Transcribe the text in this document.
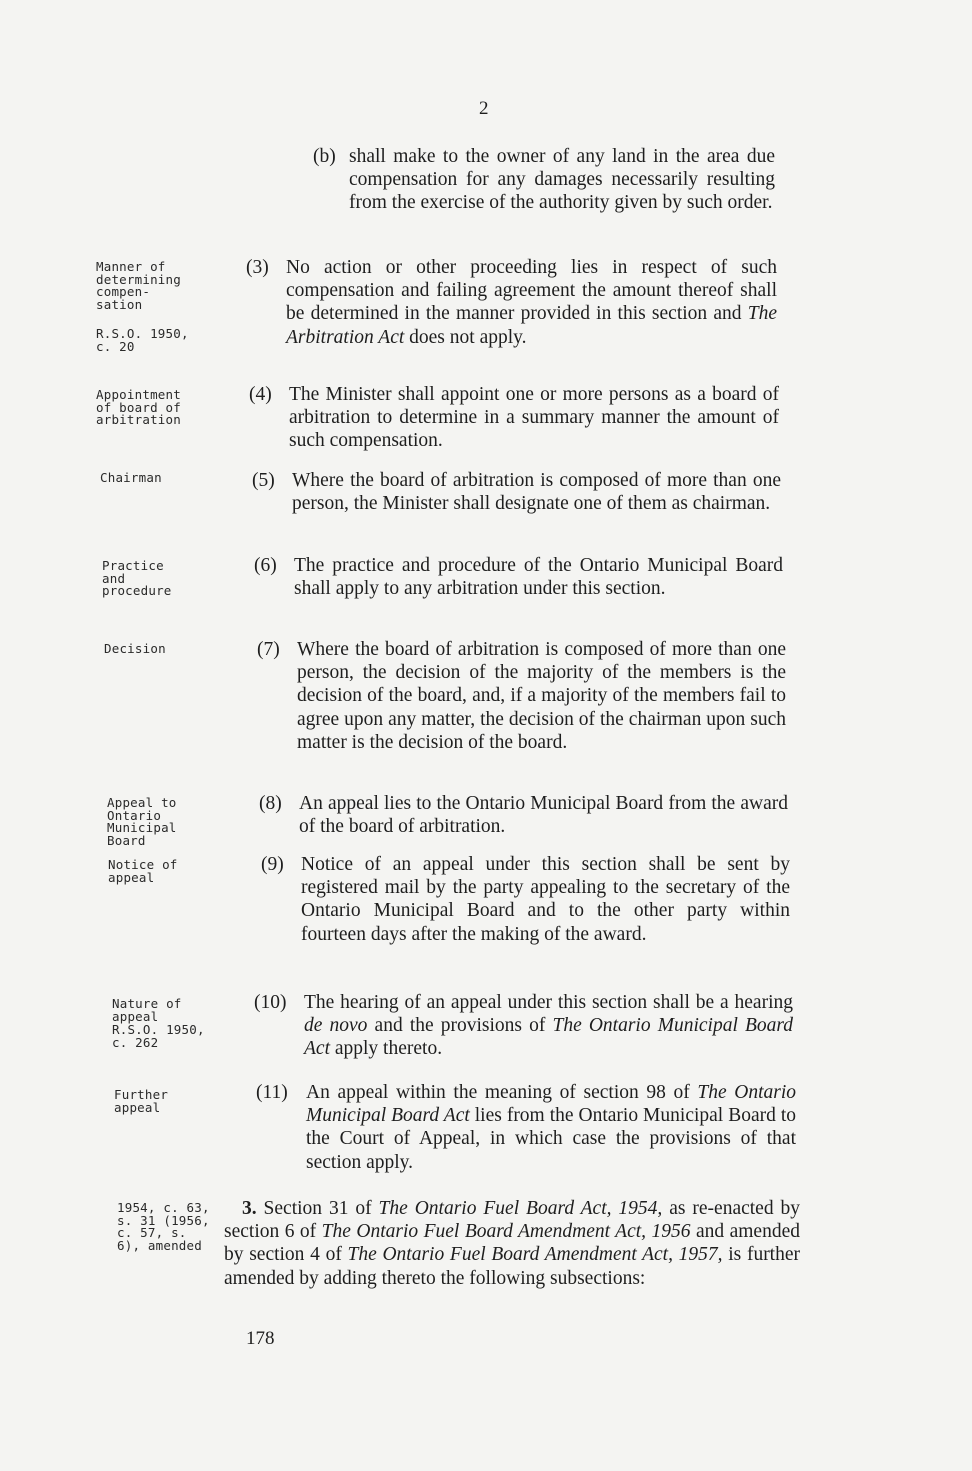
2
(b) shall make to the owner of any land in the area due compensation for any damages necessarily resulting from the exercise of the authority given by such order.
Manner of determining compen- sation
R.S.O. 1950, c. 20
Appointment of board of arbitration
Chairman
Practice and procedure
Decision
Appeal to Ontario Municipal Board
Notice of appeal
Nature of appeal
R.S.O. 1950, c. 262
Further appeal
1954, c. 63, s. 31 (1956, c. 57, s. 6), amended
(3) No action or other proceeding lies in respect of such compensation and failing agreement the amount thereof shall be determined in the manner provided in this section and The Arbitration Act does not apply.
(4) The Minister shall appoint one or more persons as a board of arbitration to determine in a summary manner the amount of such compensation.
(5) Where the board of arbitration is composed of more than one person, the Minister shall designate one of them as chairman.
(6) The practice and procedure of the Ontario Municipal Board shall apply to any arbitration under this section.
(7) Where the board of arbitration is composed of more than one person, the decision of the majority of the members is the decision of the board, and, if a majority of the members fail to agree upon any matter, the decision of the chairman upon such matter is the decision of the board.
(8) An appeal lies to the Ontario Municipal Board from the award of the board of arbitration.
(9) Notice of an appeal under this section shall be sent by registered mail by the party appealing to the secretary of the Ontario Municipal Board and to the other party within fourteen days after the making of the award.
(10) The hearing of an appeal under this section shall be a hearing de novo and the provisions of The Ontario Municipal Board Act apply thereto.
(11) An appeal within the meaning of section 98 of The Ontario Municipal Board Act lies from the Ontario Municipal Board to the Court of Appeal, in which case the provisions of that section apply.
3. Section 31 of The Ontario Fuel Board Act, 1954, as re-enacted by section 6 of The Ontario Fuel Board Amendment Act, 1956 and amended by section 4 of The Ontario Fuel Board Amendment Act, 1957, is further amended by adding thereto the following subsections:
178
